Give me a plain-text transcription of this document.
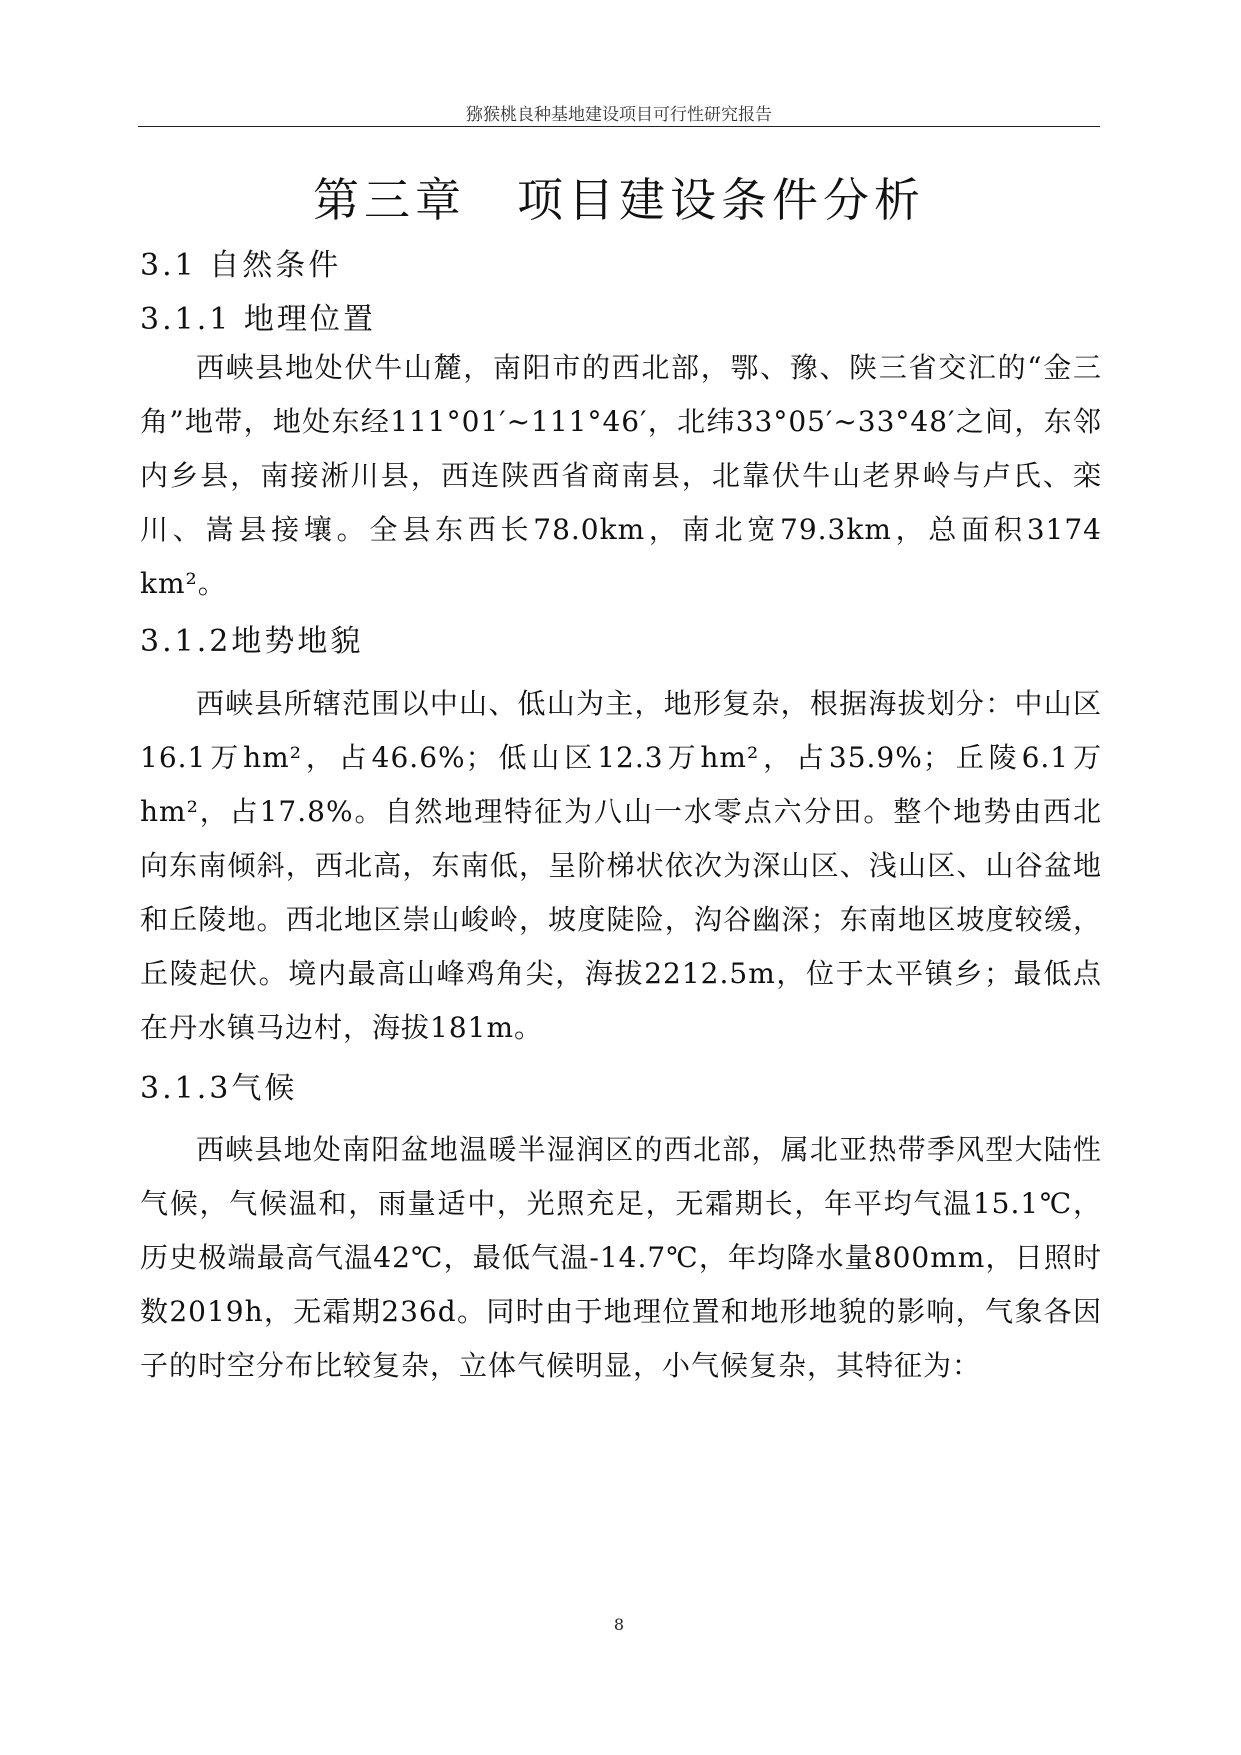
猕猴桃良种基地建设项目可行性研究报告
第三章　项目建设条件分析
3.1 自然条件
3.1.1 地理位置

西峡县地处伏牛山麓，南阳市的西北部，鄂、豫、陕三省交汇的“金三角”地带，地处东经111°01′~111°46′，北纬33°05′~33°48′之间，东邻内乡县，南接淅川县，西连陕西省商南县，北靠伏牛山老界岭与卢氏、栾川、嵩县接壤。全县东西长78.0km，南北宽79.3km，总面积3174 km²。

3.1.2地势地貌

西峡县所辖范围以中山、低山为主，地形复杂，根据海拔划分：中山区16.1万hm²，占46.6%；低山区12.3万hm²，占35.9%；丘陵6.1万hm²，占17.8%。自然地理特征为八山一水零点六分田。整个地势由西北向东南倾斜，西北高，东南低，呈阶梯状依次为深山区、浅山区、山谷盆地和丘陵地。西北地区崇山峻岭，坡度陡险，沟谷幽深；东南地区坡度较缓，丘陵起伏。境内最高山峰鸡角尖，海拔2212.5m，位于太平镇乡；最低点在丹水镇马边村，海拔181m。

3.1.3气候

西峡县地处南阳盆地温暖半湿润区的西北部，属北亚热带季风型大陆性气候，气候温和，雨量适中，光照充足，无霜期长，年平均气温15.1℃，历史极端最高气温42℃，最低气温-14.7℃，年均降水量800mm，日照时数2019h，无霜期236d。同时由于地理位置和地形地貌的影响，气象各因子的时空分布比较复杂，立体气候明显，小气候复杂，其特征为：

8
